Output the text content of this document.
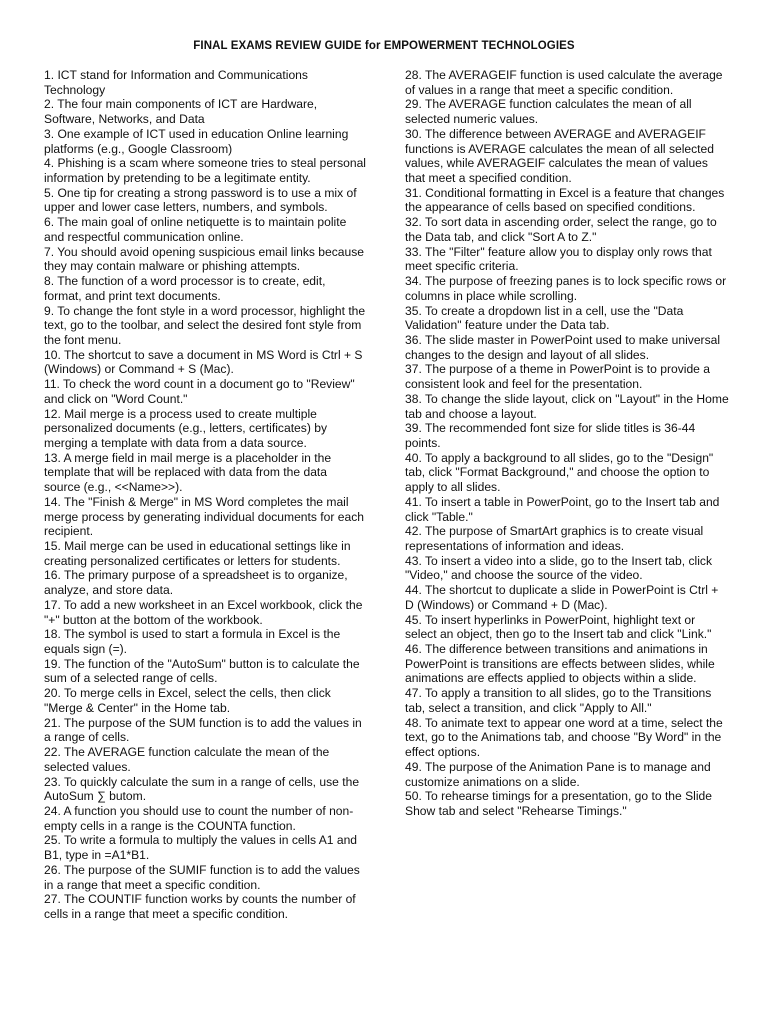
FINAL EXAMS REVIEW GUIDE for EMPOWERMENT TECHNOLOGIES

1. ICT stand for Information and Communications Technology

2. The four main components of ICT are Hardware, Software, Networks, and Data

3. One example of ICT used in education Online learning platforms (e.g., Google Classroom)

4. Phishing is a scam where someone tries to steal personal information by pretending to be a legitimate entity.

5. One tip for creating a strong password is to use a mix of upper and lower case letters, numbers, and symbols.

6. The main goal of online netiquette is to maintain polite and respectful communication online.

7. You should avoid opening suspicious email links because they may contain malware or phishing attempts.

8. The function of a word processor is to create, edit, format, and print text documents.

9. To change the font style in a word processor, highlight the text, go to the toolbar, and select the desired font style from the font menu.

10. The shortcut to save a document in MS Word is Ctrl + S (Windows) or Command + S (Mac).

11. To check the word count in a document go to "Review" and click on "Word Count."

12. Mail merge is a process used to create multiple personalized documents (e.g., letters, certificates) by merging a template with data from a data source.

13. A merge field in mail merge is a placeholder in the template that will be replaced with data from the data source (e.g., <<Name>>).

14. The "Finish & Merge" in MS Word completes the mail merge process by generating individual documents for each recipient.

15. Mail merge can be used in educational settings like in creating personalized certificates or letters for students.

16. The primary purpose of a spreadsheet is to organize, analyze, and store data.

17. To add a new worksheet in an Excel workbook, click the "+" button at the bottom of the workbook.

18. The symbol is used to start a formula in Excel is the equals sign (=).

19. The function of the "AutoSum" button is to calculate the sum of a selected range of cells.

20. To merge cells in Excel, select the cells, then click "Merge & Center" in the Home tab.

21. The purpose of the SUM function is to add the values in a range of cells.

22. The AVERAGE function calculate the mean of the selected values.

23. To quickly calculate the sum in a range of cells, use the AutoSum ∑ butom.

24. A function you should use to count the number of non-empty cells in a range is the COUNTA function.

25. To write a formula to multiply the values in cells A1 and B1, type in =A1*B1.

26. The purpose of the SUMIF function is to add the values in a range that meet a specific condition.

27. The COUNTIF function works by counts the number of cells in a range that meet a specific condition.

28. The AVERAGEIF function is used calculate the average of values in a range that meet a specific condition.

29. The AVERAGE function calculates the mean of all selected numeric values.

30. The difference between AVERAGE and AVERAGEIF functions is AVERAGE calculates the mean of all selected values, while AVERAGEIF calculates the mean of values that meet a specified condition.

31. Conditional formatting in Excel is a feature that changes the appearance of cells based on specified conditions.

32. To sort data in ascending order, select the range, go to the Data tab, and click "Sort A to Z."

33. The "Filter" feature allow you to display only rows that meet specific criteria.

34. The purpose of freezing panes is to lock specific rows or columns in place while scrolling.

35. To create a dropdown list in a cell, use the "Data Validation" feature under the Data tab.

36. The slide master in PowerPoint used to make universal changes to the design and layout of all slides.

37. The purpose of a theme in PowerPoint is to provide a consistent look and feel for the presentation.

38. To change the slide layout, click on "Layout" in the Home tab and choose a layout.

39. The recommended font size for slide titles is 36-44 points.

40. To apply a background to all slides, go to the "Design" tab, click "Format Background," and choose the option to apply to all slides.

41. To insert a table in PowerPoint, go to the Insert tab and click "Table."

42. The purpose of SmartArt graphics is to create visual representations of information and ideas.

43. To insert a video into a slide, go to the Insert tab, click "Video," and choose the source of the video.

44. The shortcut to duplicate a slide in PowerPoint is Ctrl + D (Windows) or Command + D (Mac).

45. To insert hyperlinks in PowerPoint, highlight text or select an object, then go to the Insert tab and click "Link."

46. The difference between transitions and animations in PowerPoint is transitions are effects between slides, while animations are effects applied to objects within a slide.

47. To apply a transition to all slides, go to the Transitions tab, select a transition, and click "Apply to All."

48. To animate text to appear one word at a time, select the text, go to the Animations tab, and choose "By Word" in the effect options.

49. The purpose of the Animation Pane is to manage and customize animations on a slide.

50. To rehearse timings for a presentation, go to the Slide Show tab and select "Rehearse Timings."
